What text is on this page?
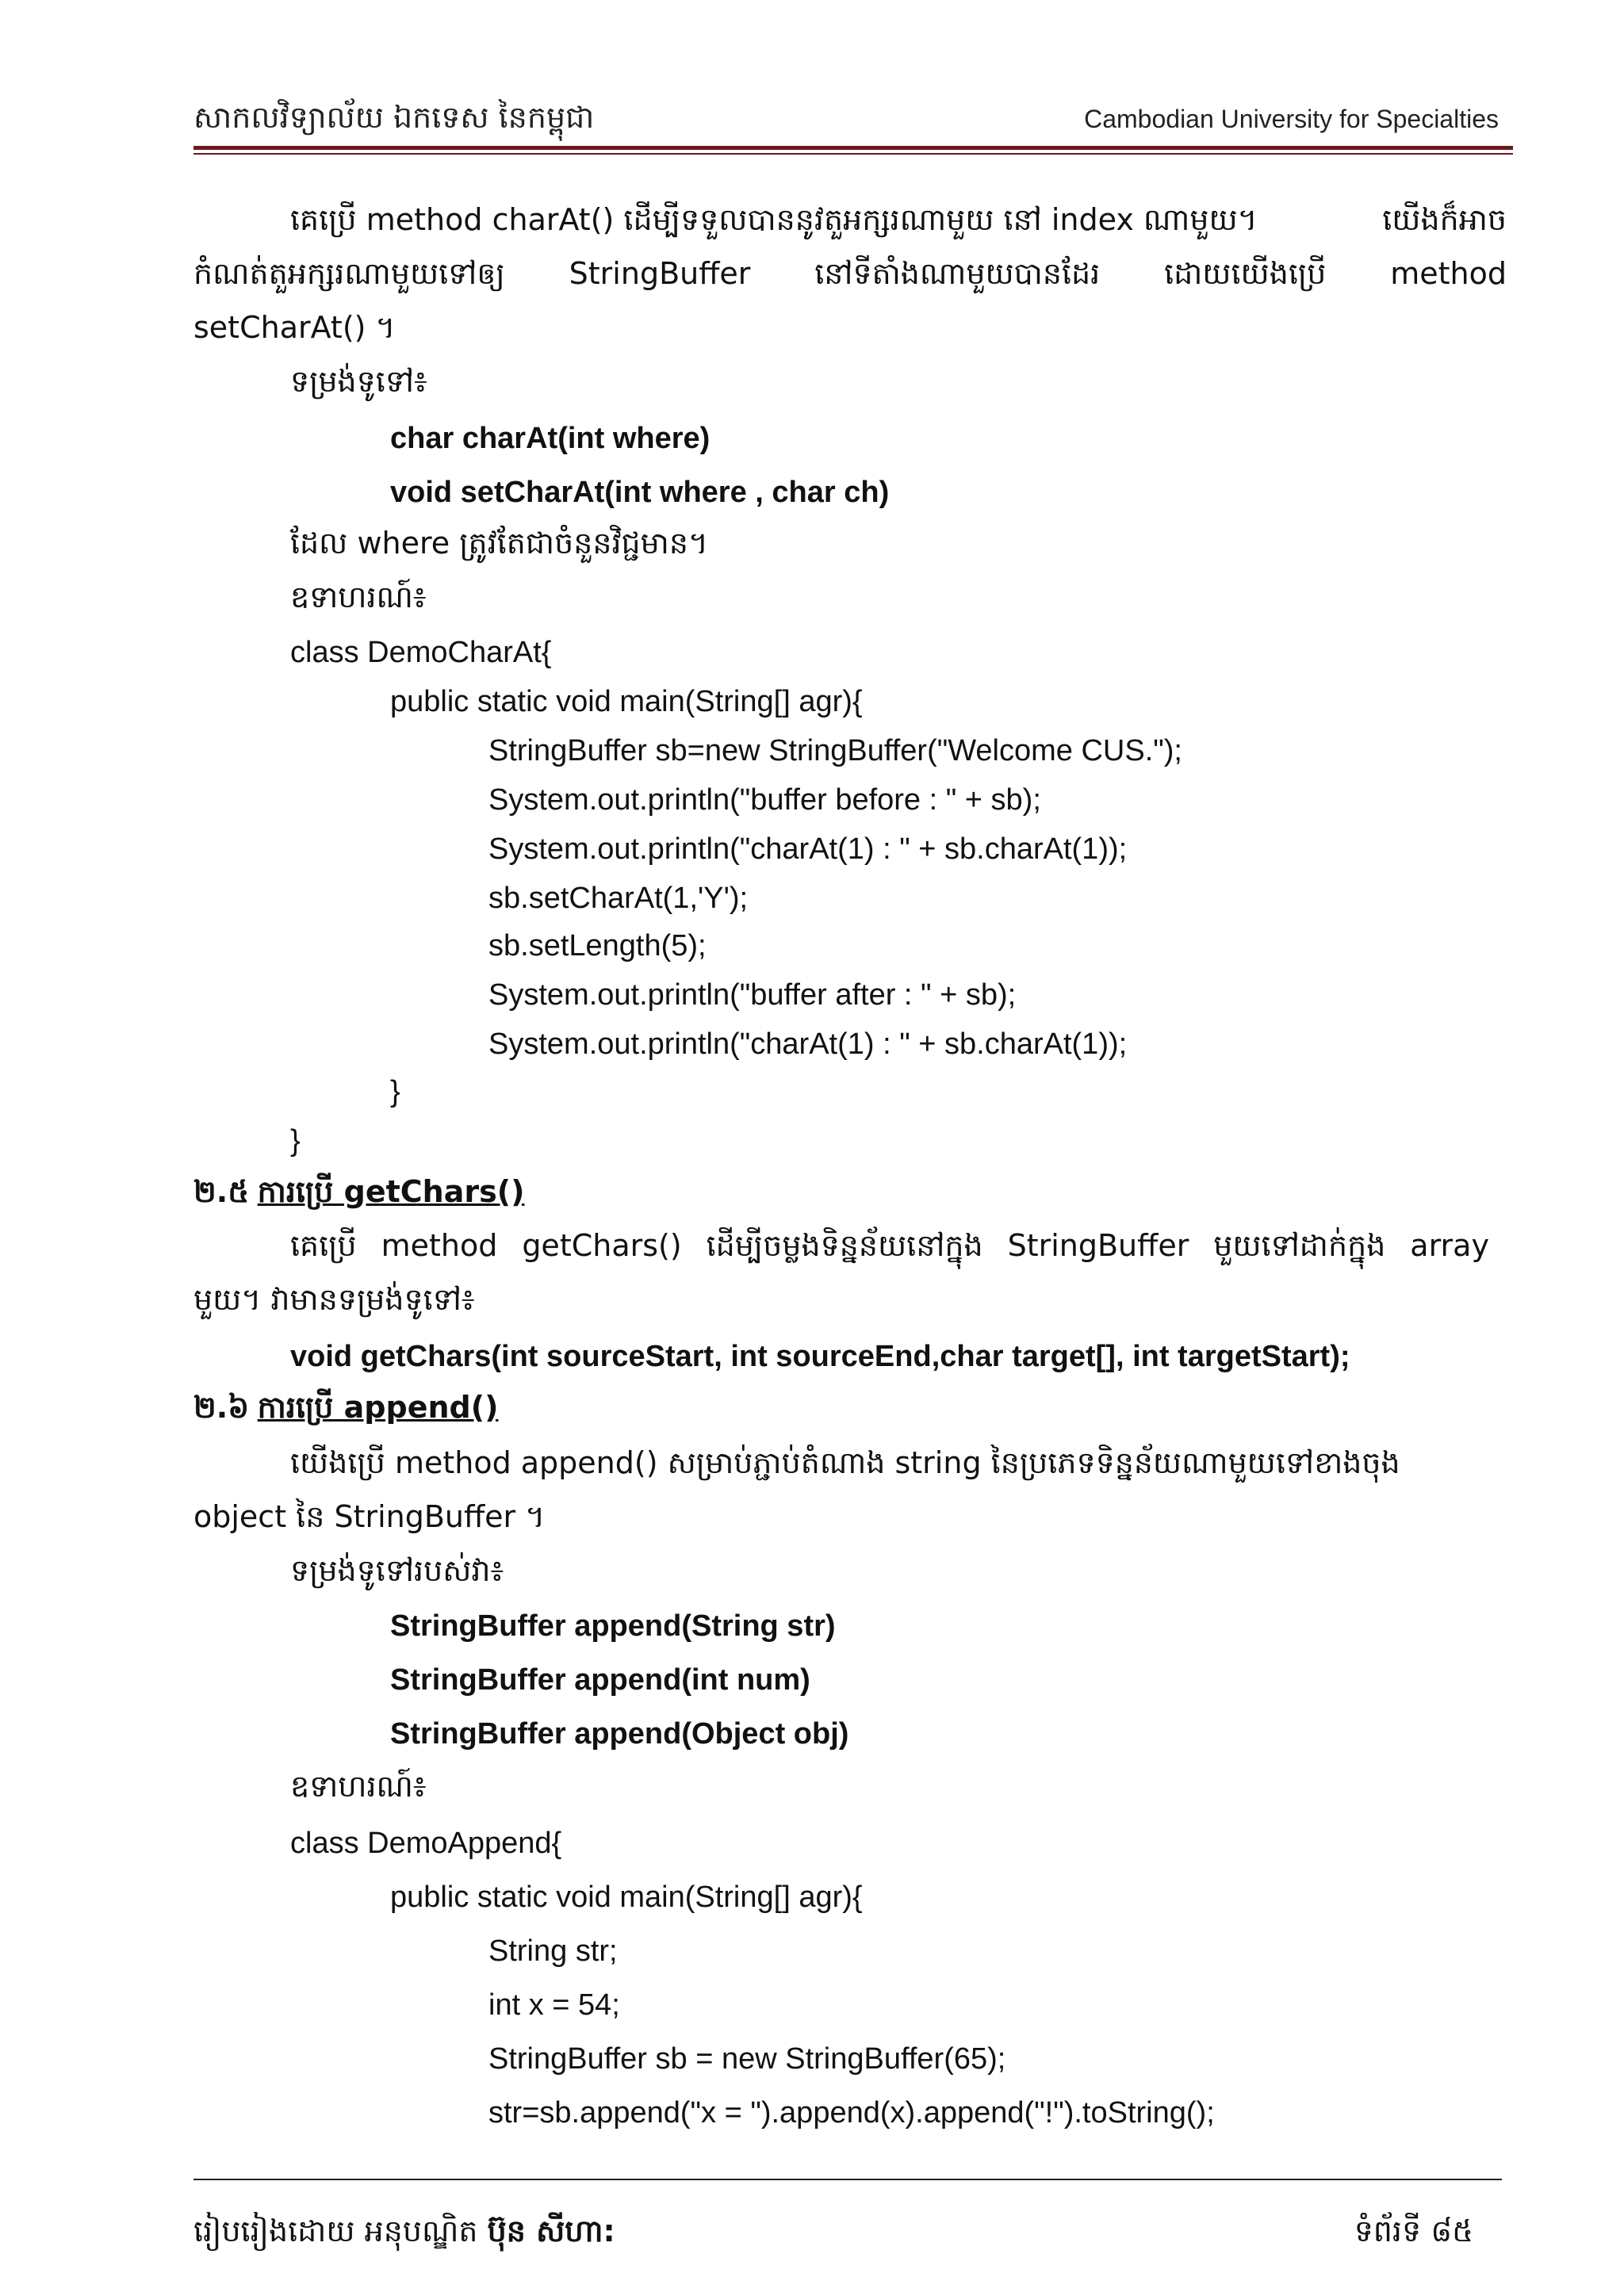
សាកលវិទ្យាល័យ ឯកទេស នៃកម្ពុជា	Cambodian University for Specialties
គេប្រើ method charAt() ដើម្បីទទួលបាននូវតួអក្សរណាមួយ នៅ index ណាមួយ។	យើងក៏អាច
កំណត់តួអក្សរណាមួយទៅឲ្យ StringBuffer នៅទីតាំងណាមួយបានដែរ ដោយយើងប្រើ method
setCharAt() ។
ទម្រង់ទូទៅ៖
char charAt(int where)
void setCharAt(int where , char ch)
ដែល where ត្រូវតែជាចំនួនវិជ្ជមាន។
ឧទាហរណ៍៖
class DemoCharAt{
public static void main(String[] agr){
StringBuffer sb=new StringBuffer("Welcome CUS.");
System.out.println("buffer before : " + sb);
System.out.println("charAt(1) : " + sb.charAt(1));
sb.setCharAt(1,'Y');
sb.setLength(5);
System.out.println("buffer after : " + sb);
System.out.println("charAt(1) : " + sb.charAt(1));
}
}
២.៥ ការប្រើ getChars()
គេប្រើ method getChars() ដើម្បីចម្លងទិន្នន័យនៅក្នុង StringBuffer មួយទៅដាក់ក្នុង array
មួយ។ វាមានទម្រង់ទូទៅ៖
void getChars(int sourceStart, int sourceEnd,char target[], int targetStart);
២.៦ ការប្រើ append()
យើងប្រើ method append() សម្រាប់ភ្ជាប់តំណាង string នៃប្រភេទទិន្នន័យណាមួយទៅខាងចុង
object នៃ StringBuffer ។
ទម្រង់ទូទៅរបស់វា៖
StringBuffer append(String str)
StringBuffer append(int num)
StringBuffer append(Object obj)
ឧទាហរណ៍៖
class DemoAppend{
public static void main(String[] agr){
String str;
int x = 54;
StringBuffer sb = new StringBuffer(65);
str=sb.append("x = ").append(x).append("!").toString();
រៀបរៀងដោយ អនុបណ្ឌិត ប៊ុន សីហា:	ទំព័រទី ៨៥
